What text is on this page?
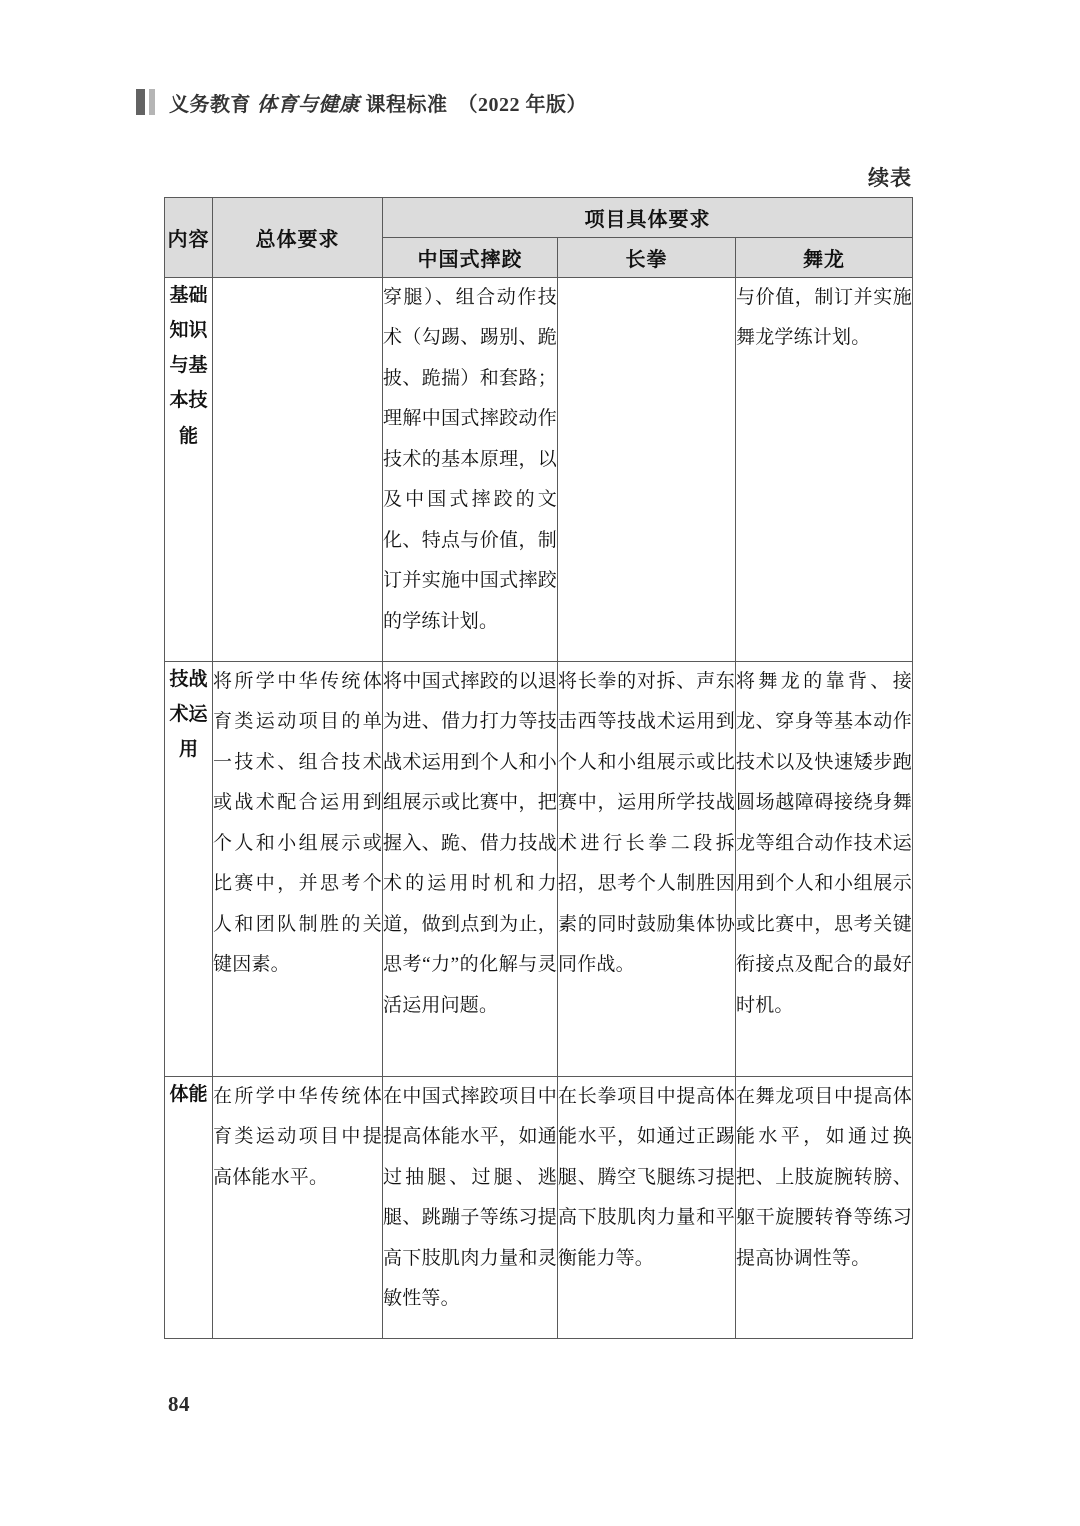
义务教育 体育与健康 课程标准 （2022 年版）
续表
内容	总体要求	项目具体要求		
		中国式摔跤	长拳	舞龙

基础知识与基本技能		穿腿）、组合动作技术（勾踢、踢别、跪披、跪揣）和套路；理解中国式摔跤动作技术的基本原理，以及中国式摔跤的文化、特点与价值，制订并实施中国式摔跤的学练计划。		与价值，制订并实施舞龙学练计划。

技战术运用	将所学中华传统体育类运动项目的单一技术、组合技术或战术配合运用到个人和小组展示或比赛中，并思考个人和团队制胜的关键因素。	将中国式摔跤的以退为进、借力打力等技战术运用到个人和小组展示或比赛中，把握入、跪、借力技战术的运用时机和力道，做到点到为止，思考“力”的化解与灵活运用问题。	将长拳的对拆、声东击西等技战术运用到个人和小组展示或比赛中，运用所学技战术进行长拳二段拆招，思考个人制胜因素的同时鼓励集体协同作战。	将舞龙的靠背、接龙、穿身等基本动作技术以及快速矮步跑圆场越障碍接绕身舞龙等组合动作技术运用到个人和小组展示或比赛中，思考关键衔接点及配合的最好时机。

体能	在所学中华传统体育类运动项目中提高体能水平。	在中国式摔跤项目中提高体能水平，如通过抽腿、过腿、逃腿、跳蹦子等练习提高下肢肌肉力量和灵敏性等。	在长拳项目中提高体能水平，如通过正踢腿、腾空飞腿练习提高下肢肌肉力量和平衡能力等。	在舞龙项目中提高体能水平，如通过换把、上肢旋腕转膀、躯干旋腰转脊等练习提高协调性等。
84
